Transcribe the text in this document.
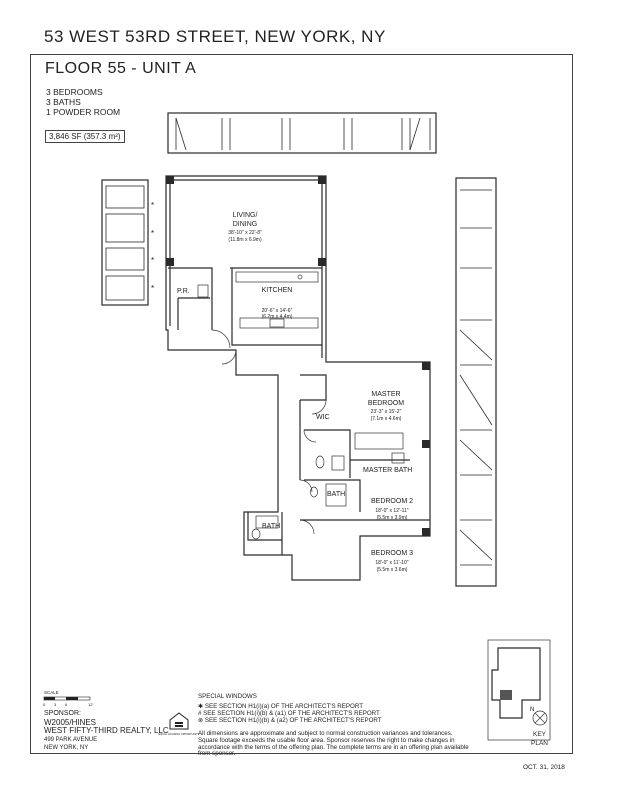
53 WEST 53RD STREET, NEW YORK, NY
FLOOR 55 - UNIT A
3 BEDROOMS
3 BATHS
1 POWDER ROOM
3,846 SF (357.3 m²)
*
*
*
*
LIVING/
DINING
38'-10" x 22'-8"
(11.8m x 6.9m)
KITCHEN
20'-6" x 14'-6"
(6.2m x 4.4m)
P.R.
MASTER
BEDROOM
23'-3" x 15'-2"
(7.1m x 4.6m)
WIC
MASTER BATH
BATH
BATH
BEDROOM 2
18'-0" x 12'-11"
(5.5m x 3.9m)
BEDROOM 3
18'-0" x 11'-10"
(5.5m x 3.6m)
SCALE
0 3 6	12'
EQUAL HOUSING OPPORTUNITY
N
KEY
PLAN
SPONSOR:
W2005/HINES
WEST FIFTY-THIRD REALTY, LLC
499 PARK AVENUE
NEW YORK, NY
SPECIAL WINDOWS
✱ SEE SECTION H1(i)(a) OF THE ARCHITECT'S REPORT
# SEE SECTION H1(i)(b) & (a1) OF THE ARCHITECT'S REPORT
⊗ SEE SECTION H1(i)(b) & (a2) OF THE ARCHITECT'S REPORT
All dimensions are approximate and subject to normal construction variances and tolerances. Square footage exceeds the usable floor area. Sponsor reserves the right to make changes in accordance with the terms of the offering plan. The complete terms are in an offering plan available from sponsor.
OCT. 31, 2018
